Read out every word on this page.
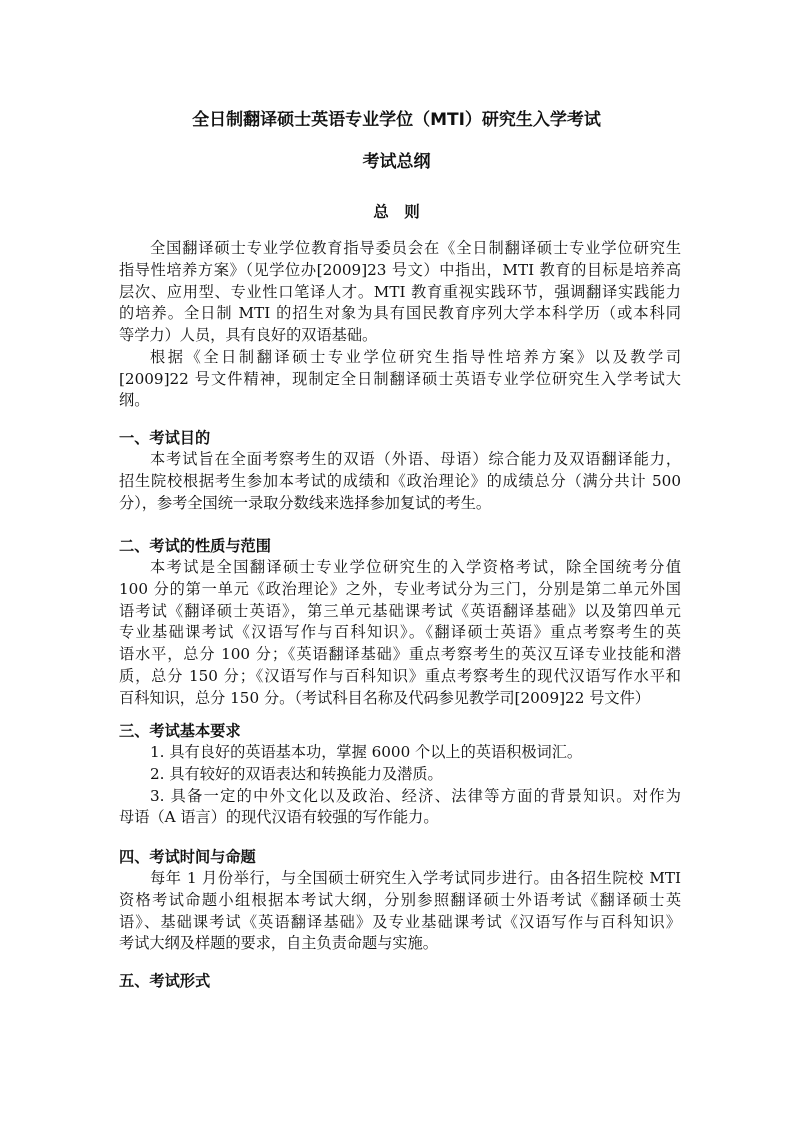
全日制翻译硕士英语专业学位（MTI）研究生入学考试
考试总纲
总　则
全国翻译硕士专业学位教育指导委员会在《全日制翻译硕士专业学位研究生
指导性培养方案》（见学位办[2009]23 号文）中指出，MTI 教育的目标是培养高
层次、应用型、专业性口笔译人才。MTI 教育重视实践环节，强调翻译实践能力
的培养。全日制 MTI 的招生对象为具有国民教育序列大学本科学历（或本科同
等学力）人员，具有良好的双语基础。
根据《全日制翻译硕士专业学位研究生指导性培养方案》以及教学司
[2009]22 号文件精神，现制定全日制翻译硕士英语专业学位研究生入学考试大
纲。
一、考试目的
本考试旨在全面考察考生的双语（外语、母语）综合能力及双语翻译能力，
招生院校根据考生参加本考试的成绩和《政治理论》的成绩总分（满分共计 500
分），参考全国统一录取分数线来选择参加复试的考生。
二、考试的性质与范围
本考试是全国翻译硕士专业学位研究生的入学资格考试，除全国统考分值
100 分的第一单元《政治理论》之外，专业考试分为三门，分别是第二单元外国
语考试《翻译硕士英语》，第三单元基础课考试《英语翻译基础》以及第四单元
专业基础课考试《汉语写作与百科知识》。《翻译硕士英语》重点考察考生的英
语水平，总分 100 分；《英语翻译基础》重点考察考生的英汉互译专业技能和潜
质，总分 150 分；《汉语写作与百科知识》重点考察考生的现代汉语写作水平和
百科知识，总分 150 分。（考试科目名称及代码参见教学司[2009]22 号文件）
三、考试基本要求
1. 具有良好的英语基本功，掌握 6000 个以上的英语积极词汇。
2. 具有较好的双语表达和转换能力及潜质。
3. 具备一定的中外文化以及政治、经济、法律等方面的背景知识。对作为
母语（A 语言）的现代汉语有较强的写作能力。
四、考试时间与命题
每年 1 月份举行，与全国硕士研究生入学考试同步进行。由各招生院校 MTI
资格考试命题小组根据本考试大纲，分别参照翻译硕士外语考试《翻译硕士英
语》、基础课考试《英语翻译基础》及专业基础课考试《汉语写作与百科知识》
考试大纲及样题的要求，自主负责命题与实施。
五、考试形式
